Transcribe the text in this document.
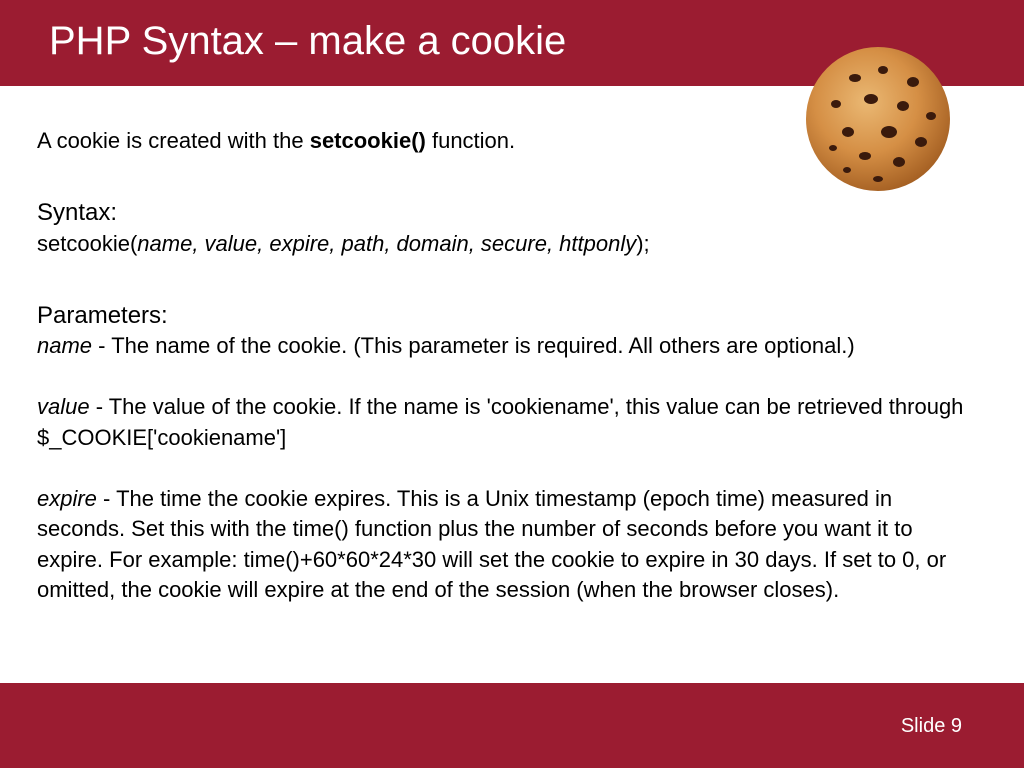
PHP Syntax – make a cookie

A cookie is created with the setcookie() function.

Syntax:

setcookie(name, value, expire, path, domain, secure, httponly);

Parameters:

name - The name of the cookie. (This parameter is required. All others are optional.)

value - The value of the cookie. If the name is 'cookiename', this value can be retrieved through $_COOKIE['cookiename']

expire - The time the cookie expires. This is a Unix timestamp (epoch time) measured in seconds. Set this with the time() function plus the number of seconds before you want it to expire. For example: time()+60*60*24*30 will set the cookie to expire in 30 days. If set to 0, or omitted, the cookie will expire at the end of the session (when the browser closes).

Slide 9
